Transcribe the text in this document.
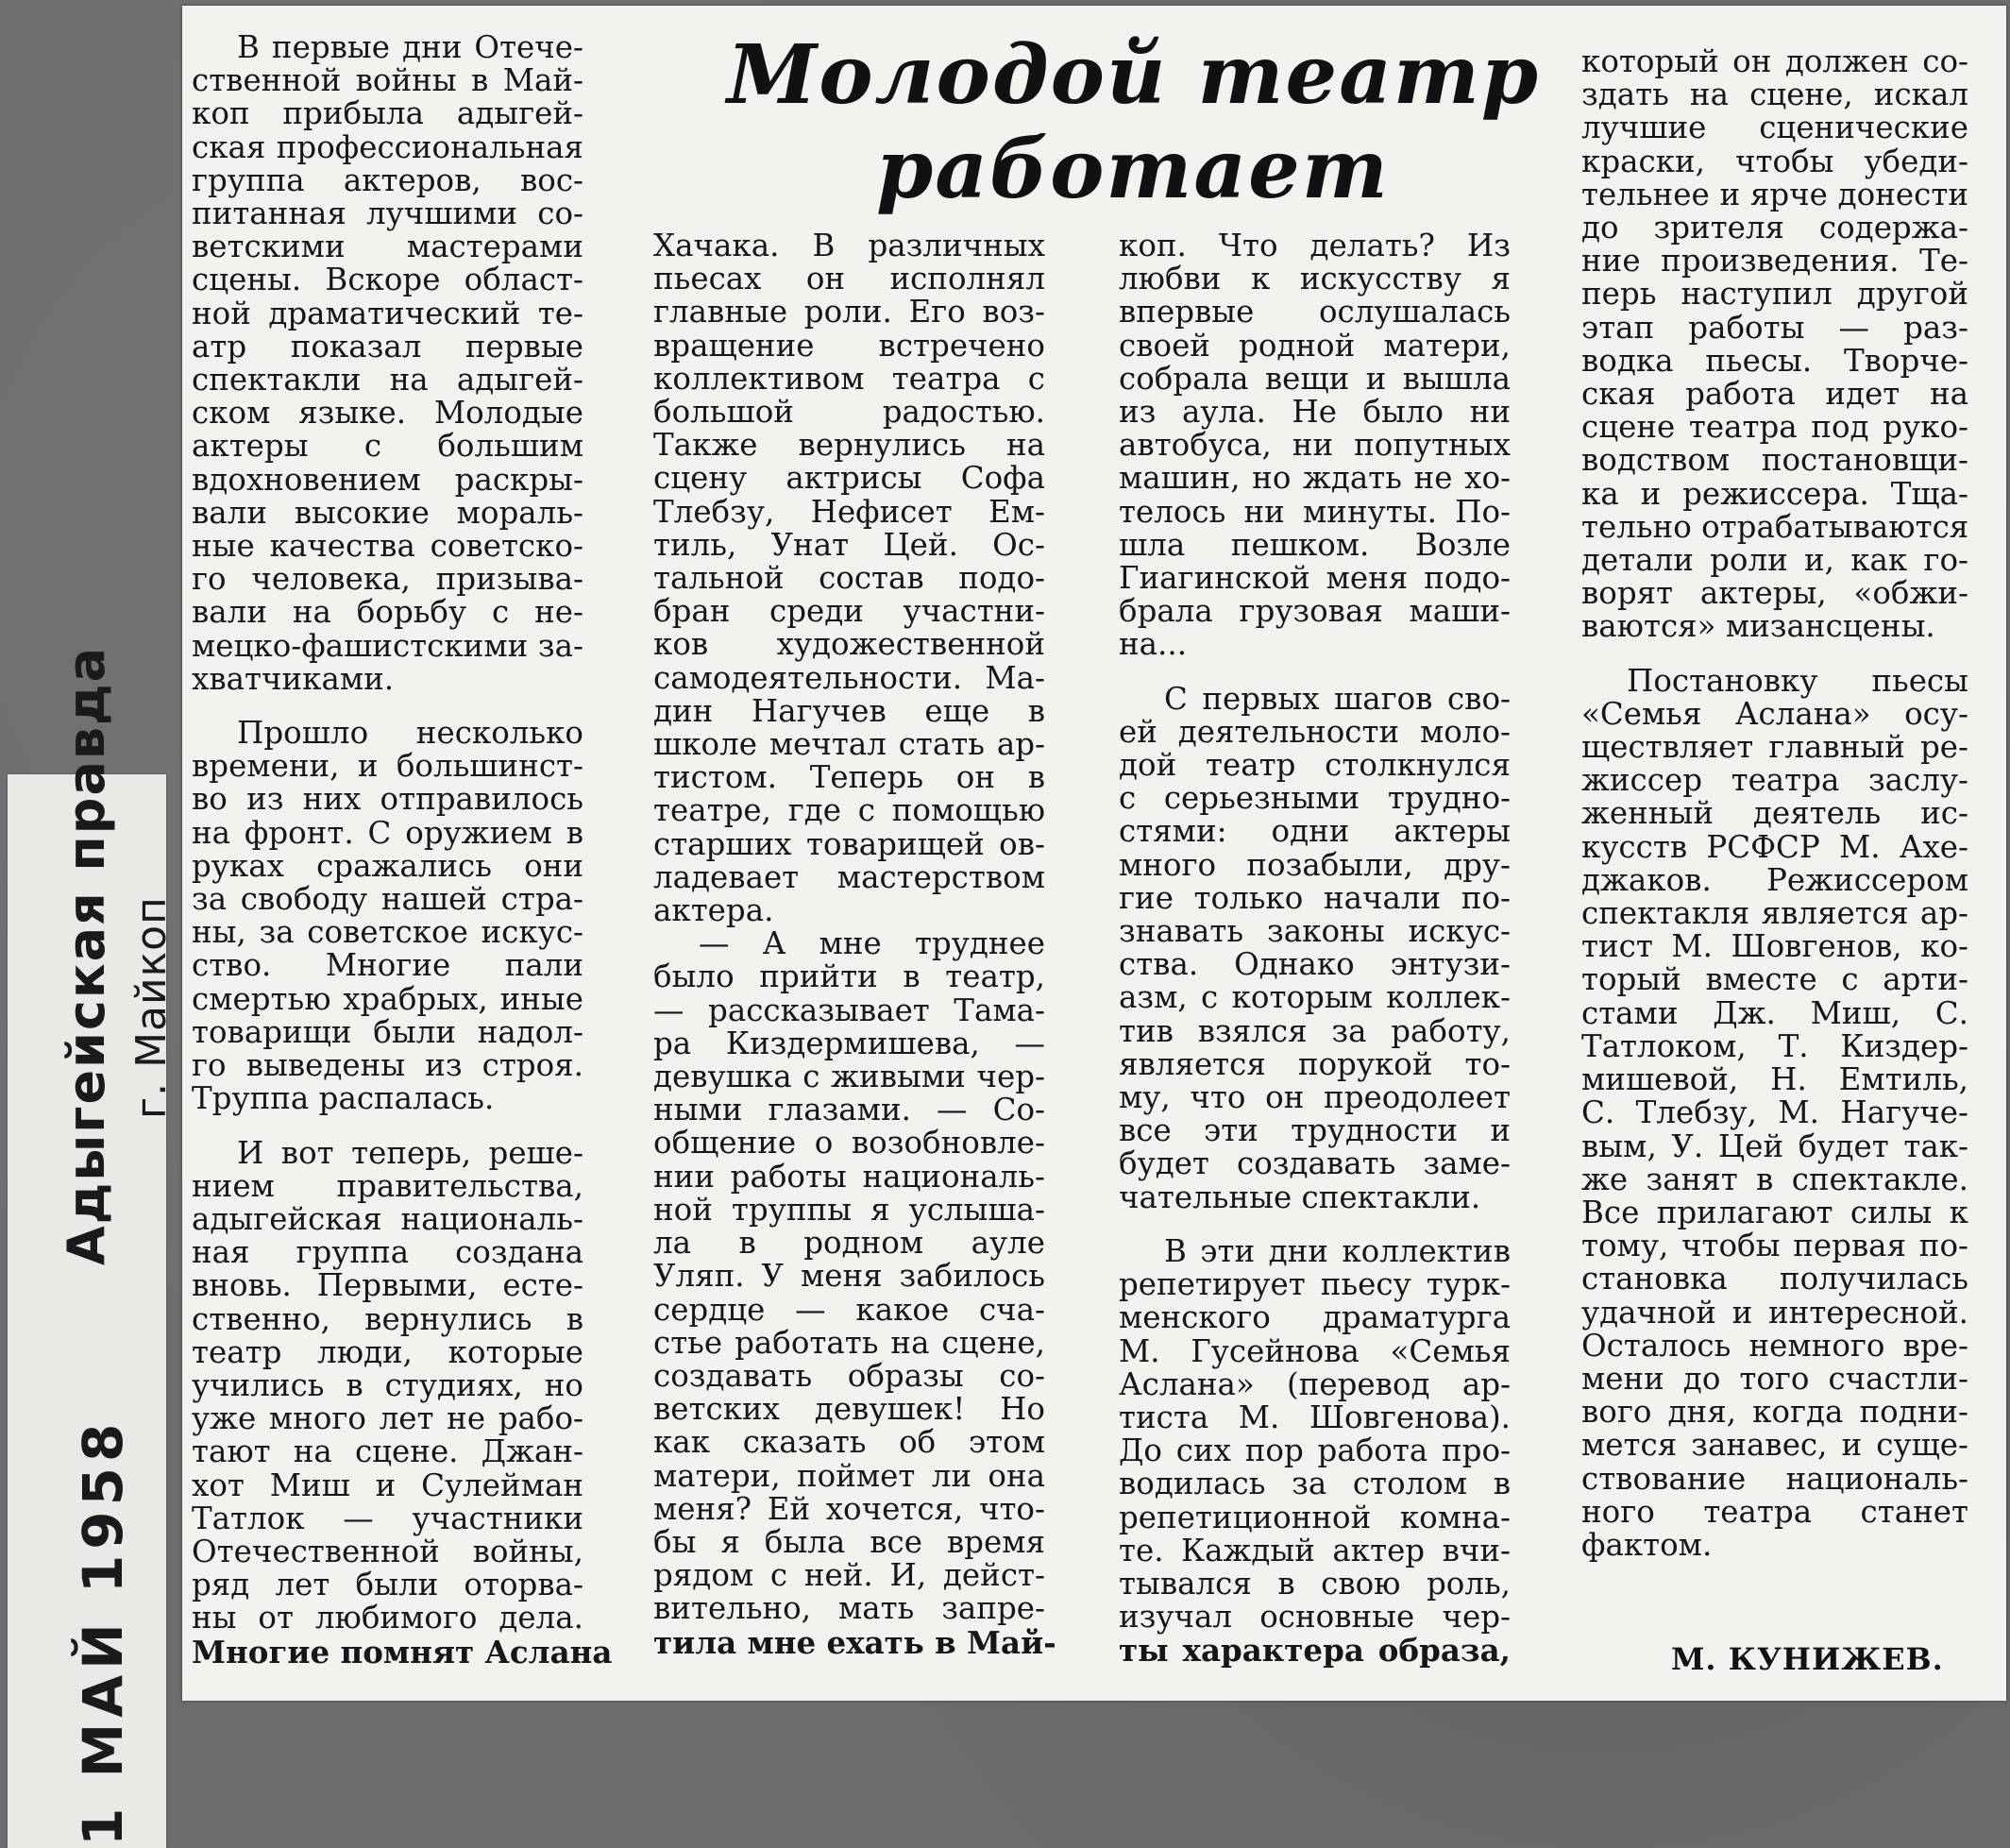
Адыгейская правда г. Майкоп
1 МАЙ 1958
Молодой театр
работает
В первые дни Отече-
ственной войны в Май-
коп прибыла адыгей-
ская профессиональная
группа актеров, вос-
питанная лучшими со-
ветскими мастерами
сцены. Вскоре област-
ной драматический те-
атр показал первые
спектакли на адыгей-
ском языке. Молодые
актеры с большим
вдохновением раскры-
вали высокие мораль-
ные качества советско-
го человека, призыва-
вали на борьбу с не-
мецко-фашистскими за-
хватчиками.
Прошло несколько
времени, и большинст-
во из них отправилось
на фронт. С оружием в
руках сражались они
за свободу нашей стра-
ны, за советское искус-
ство. Многие пали
смертью храбрых, иные
товарищи были надол-
го выведены из строя.
Труппа распалась.
И вот теперь, реше-
нием правительства,
адыгейская националь-
ная группа создана
вновь. Первыми, есте-
ственно, вернулись в
театр люди, которые
учились в студиях, но
уже много лет не рабо-
тают на сцене. Джан-
хот Миш и Сулейман
Татлок — участники
Отечественной войны,
ряд лет были оторва-
ны от любимого дела.
Многие помнят Аслана
Хачака. В различных
пьесах он исполнял
главные роли. Его воз-
вращение встречено
коллективом театра с
большой радостью.
Также вернулись на
сцену актрисы Софа
Тлебзу, Нефисет Ем-
тиль, Унат Цей. Ос-
тальной состав подо-
бран среди участни-
ков художественной
самодеятельности. Ма-
дин Нагучев еще в
школе мечтал стать ар-
тистом. Теперь он в
театре, где с помощью
старших товарищей ов-
ладевает мастерством
актера.
— А мне труднее
было прийти в театр,
— рассказывает Тама-
ра Киздермишева, —
девушка с живыми чер-
ными глазами. — Со-
общение о возобновле-
нии работы националь-
ной труппы я услыша-
ла в родном ауле
Уляп. У меня забилось
сердце — какое сча-
стье работать на сцене,
создавать образы со-
ветских девушек! Но
как сказать об этом
матери, поймет ли она
меня? Ей хочется, что-
бы я была все время
рядом с ней. И, дейст-
вительно, мать запре-
тила мне ехать в Май-
коп. Что делать? Из
любви к искусству я
впервые ослушалась
своей родной матери,
собрала вещи и вышла
из аула. Не было ни
автобуса, ни попутных
машин, но ждать не хо-
телось ни минуты. По-
шла пешком. Возле
Гиагинской меня подо-
брала грузовая маши-
на...
С первых шагов сво-
ей деятельности моло-
дой театр столкнулся
с серьезными трудно-
стями: одни актеры
много позабыли, дру-
гие только начали по-
знавать законы искус-
ства. Однако энтузи-
азм, с которым коллек-
тив взялся за работу,
является порукой то-
му, что он преодолеет
все эти трудности и
будет создавать заме-
чательные спектакли.
В эти дни коллектив
репетирует пьесу турк-
менского драматурга
М. Гусейнова «Семья
Аслана» (перевод ар-
тиста М. Шовгенова).
До сих пор работа про-
водилась за столом в
репетиционной комна-
те. Каждый актер вчи-
тывался в свою роль,
изучал основные чер-
ты характера образа,
который он должен со-
здать на сцене, искал
лучшие сценические
краски, чтобы убеди-
тельнее и ярче донести
до зрителя содержа-
ние произведения. Те-
перь наступил другой
этап работы — раз-
водка пьесы. Творче-
ская работа идет на
сцене театра под руко-
водством постановщи-
ка и режиссера. Тща-
тельно отрабатываются
детали роли и, как го-
ворят актеры, «обжи-
ваются» мизансцены.
Постановку пьесы
«Семья Аслана» осу-
ществляет главный ре-
жиссер театра заслу-
женный деятель ис-
кусств РСФСР М. Ахе-
джаков. Режиссером
спектакля является ар-
тист М. Шовгенов, ко-
торый вместе с арти-
стами Дж. Миш, С.
Татлоком, Т. Киздер-
мишевой, Н. Емтиль,
С. Тлебзу, М. Нагуче-
вым, У. Цей будет так-
же занят в спектакле.
Все прилагают силы к
тому, чтобы первая по-
становка получилась
удачной и интересной.
Осталось немного вре-
мени до того счастли-
вого дня, когда подни-
мется занавес, и суще-
ствование националь-
ного театра станет
фактом.
М. КУНИЖЕВ.
